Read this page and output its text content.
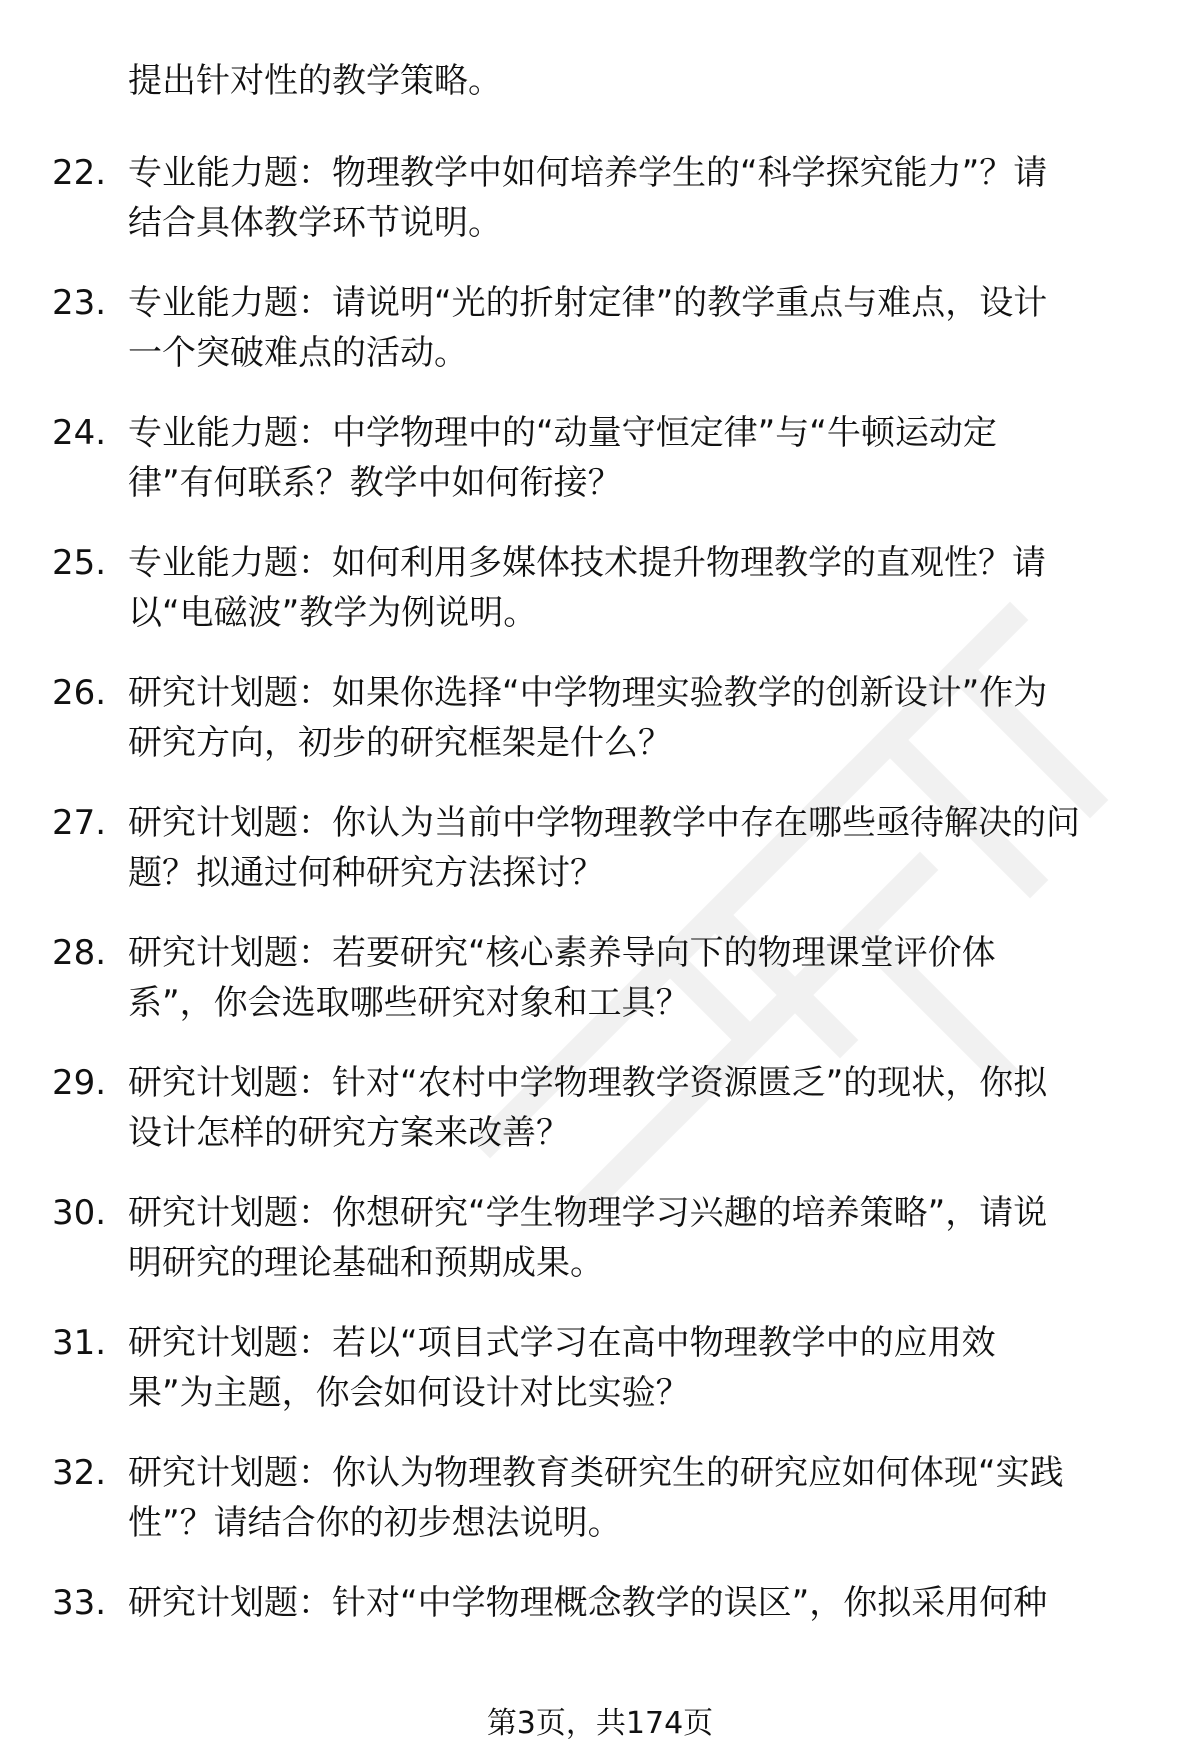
提出针对性的教学策略。
22. 专业能力题：物理教学中如何培养学生的“科学探究能力”？请
结合具体教学环节说明。
23. 专业能力题：请说明“光的折射定律”的教学重点与难点，设计
一个突破难点的活动。
24. 专业能力题：中学物理中的“动量守恒定律”与“牛顿运动定
律”有何联系？教学中如何衔接？
25. 专业能力题：如何利用多媒体技术提升物理教学的直观性？请
以“电磁波”教学为例说明。
26. 研究计划题：如果你选择“中学物理实验教学的创新设计”作为
研究方向，初步的研究框架是什么？
27. 研究计划题：你认为当前中学物理教学中存在哪些亟待解决的问
题？拟通过何种研究方法探讨？
28. 研究计划题：若要研究“核心素养导向下的物理课堂评价体
系”，你会选取哪些研究对象和工具？
29. 研究计划题：针对“农村中学物理教学资源匮乏”的现状，你拟
设计怎样的研究方案来改善？
30. 研究计划题：你想研究“学生物理学习兴趣的培养策略”，请说
明研究的理论基础和预期成果。
31. 研究计划题：若以“项目式学习在高中物理教学中的应用效
果”为主题，你会如何设计对比实验？
32. 研究计划题：你认为物理教育类研究生的研究应如何体现“实践
性”？请结合你的初步想法说明。
33. 研究计划题：针对“中学物理概念教学的误区”，你拟采用何种
第3页，共174页
